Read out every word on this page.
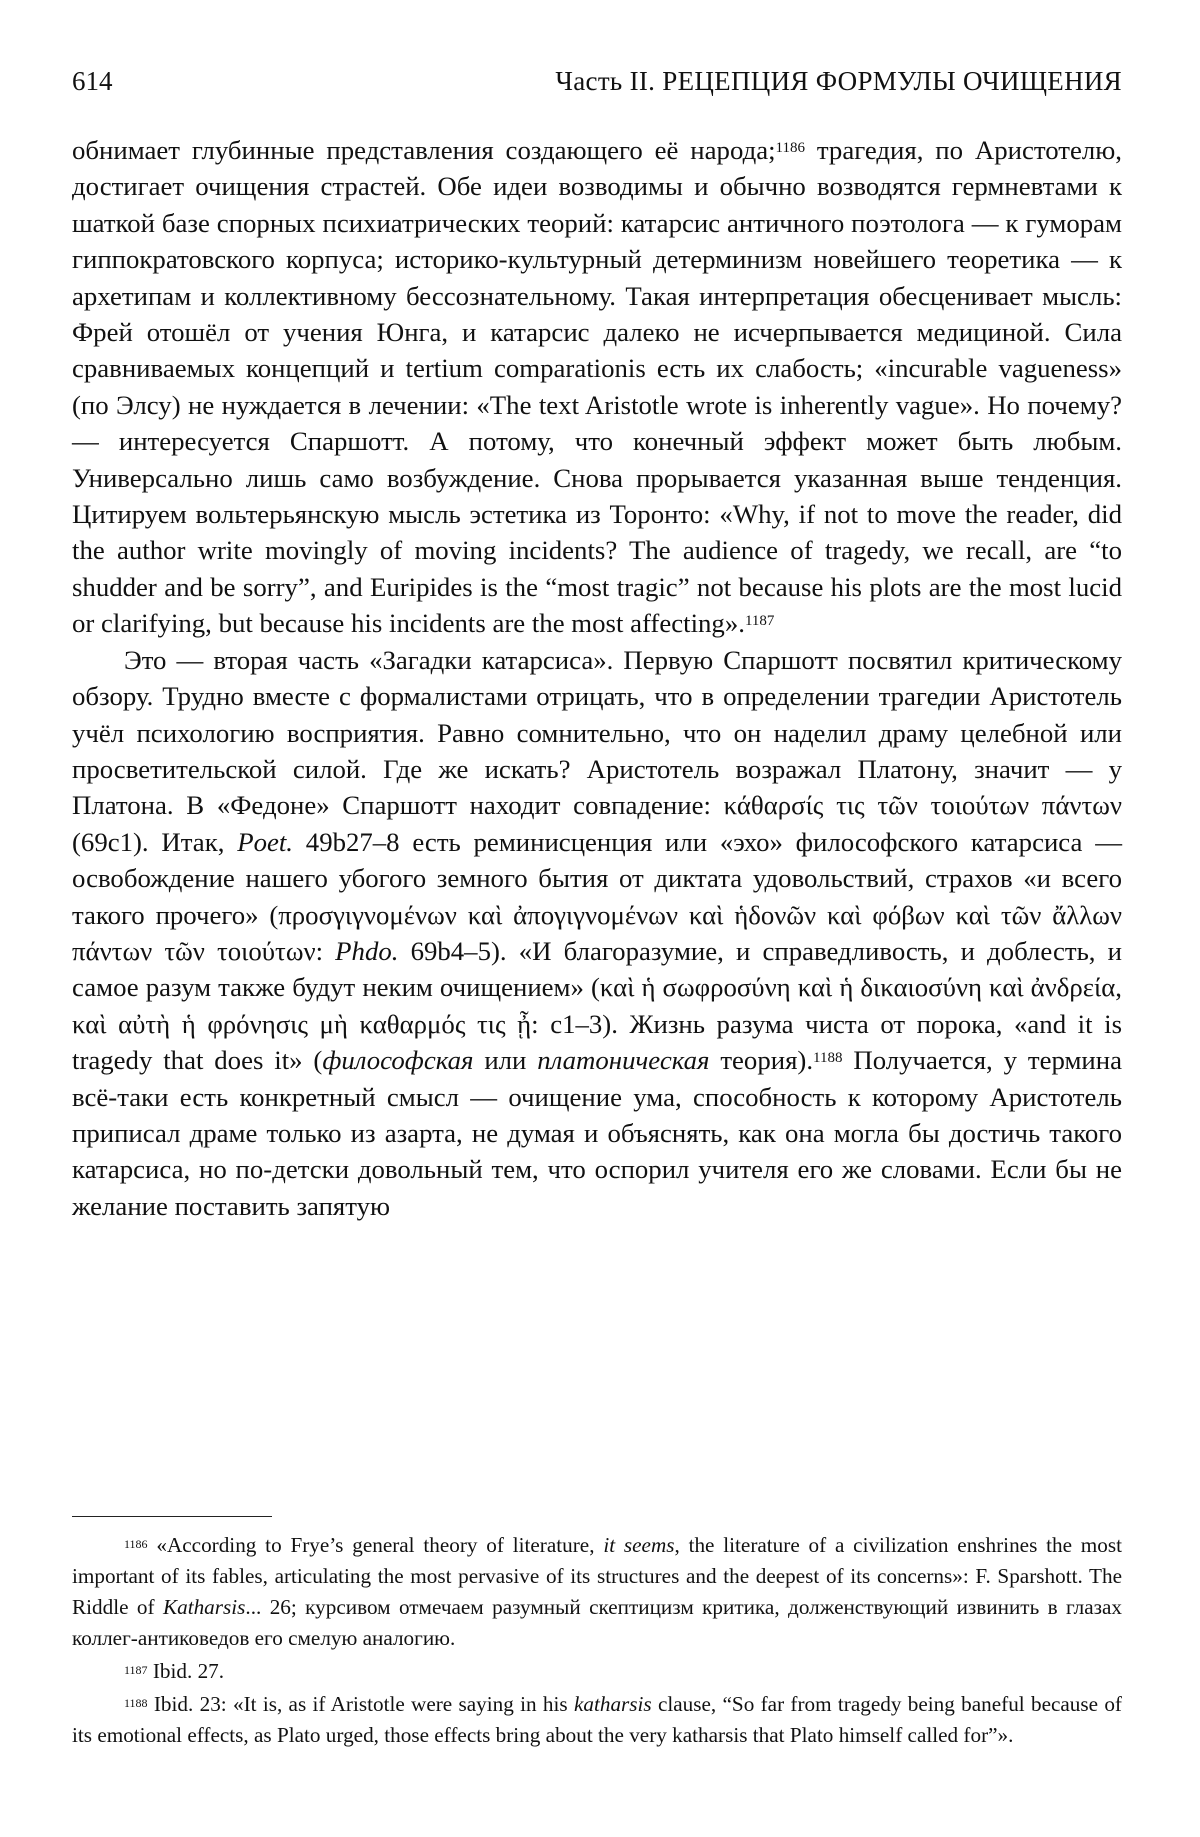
614	Часть II. РЕЦЕПЦИЯ ФОРМУЛЫ ОЧИЩЕНИЯ

обнимает глубинные представления создающего её народа;$^{1186}$ трагедия, по Аристотелю, достигает очищения страстей. Обе идеи возводимы и обычно возводятся гермневтами к шаткой базе спорных психиатрических теорий: катарсис античного поэтолога — к гуморам гиппократовского корпуса; историко-культурный детерминизм новейшего теоретика — к архетипам и коллективному бессознательному. Такая интерпретация обесценивает мысль: Фрей отошёл от учения Юнга, и катарсис далеко не исчерпывается медициной. Сила сравниваемых концепций и tertium comparationis есть их слабость; «incurable vagueness» (по Элсу) не нуждается в лечении: «The text Aristotle wrote is inherently vague». Но почему? — интересуется Спаршотт. А потому, что конечный эффект может быть любым. Универсально лишь само возбуждение. Снова прорывается указанная выше тенденция. Цитируем вольтерьянскую мысль эстетика из Торонто: «Why, if not to move the reader, did the author write movingly of moving incidents? The audience of tragedy, we recall, are “to shudder and be sorry”, and Euripides is the “most tragic” not because his plots are the most lucid or clarifying, but because his incidents are the most affecting».$^{1187}$

Это — вторая часть «Загадки катарсиса». Первую Спаршотт посвятил критическому обзору. Трудно вместе с формалистами отрицать, что в определении трагедии Аристотель учёл психологию восприятия. Равно сомнительно, что он наделил драму целебной или просветительской силой. Где же искать? Аристотель возражал Платону, значит — у Платона. В «Федоне» Спаршотт находит совпадение: κάθαρσίς τις τῶν τοιούτων πάντων (69c1). Итак, Poet. 49b27–8 есть реминисценция или «эхо» философского катарсиса — освобождение нашего убогого земного бытия от диктата удовольствий, страхов «и всего такого прочего» (προσγιγνομένων καὶ ἀπογιγνομένων καὶ ἡδονῶν καὶ φόβων καὶ τῶν ἄλλων πάντων τῶν τοιούτων: Phdo. 69b4–5). «И благоразумие, и справедливость, и доблесть, и самое разум также будут неким очищением» (καὶ ἡ σωφροσύνη καὶ ἡ δικαιοσύνη καὶ ἀνδρεία, καὶ αὐτὴ ἡ φρόνησις μὴ καθαρμός τις ᾖ: c1–3). Жизнь разума чиста от порока, «and it is tragedy that does it» (философская или платоническая теория).$^{1188}$ Получается, у термина всё-таки есть конкретный смысл — очищение ума, способность к которому Аристотель приписал драме только из азарта, не думая и объяснять, как она могла бы достичь такого катарсиса, но по-детски довольный тем, что оспорил учителя его же словами. Если бы не желание поставить запятую

$^{1186}$ «According to Frye’s general theory of literature, it seems, the literature of a civilization enshrines the most important of its fables, articulating the most pervasive of its structures and the deepest of its concerns»: F. Sparshott. The Riddle of Katharsis... 26; курсивом отмечаем разумный скептицизм критика, долженствующий извинить в глазах коллег-антиковедов его смелую аналогию.

$^{1187}$ Ibid. 27.

$^{1188}$ Ibid. 23: «It is, as if Aristotle were saying in his katharsis clause, “So far from tragedy being baneful because of its emotional effects, as Plato urged, those effects bring about the very katharsis that Plato himself called for”».
